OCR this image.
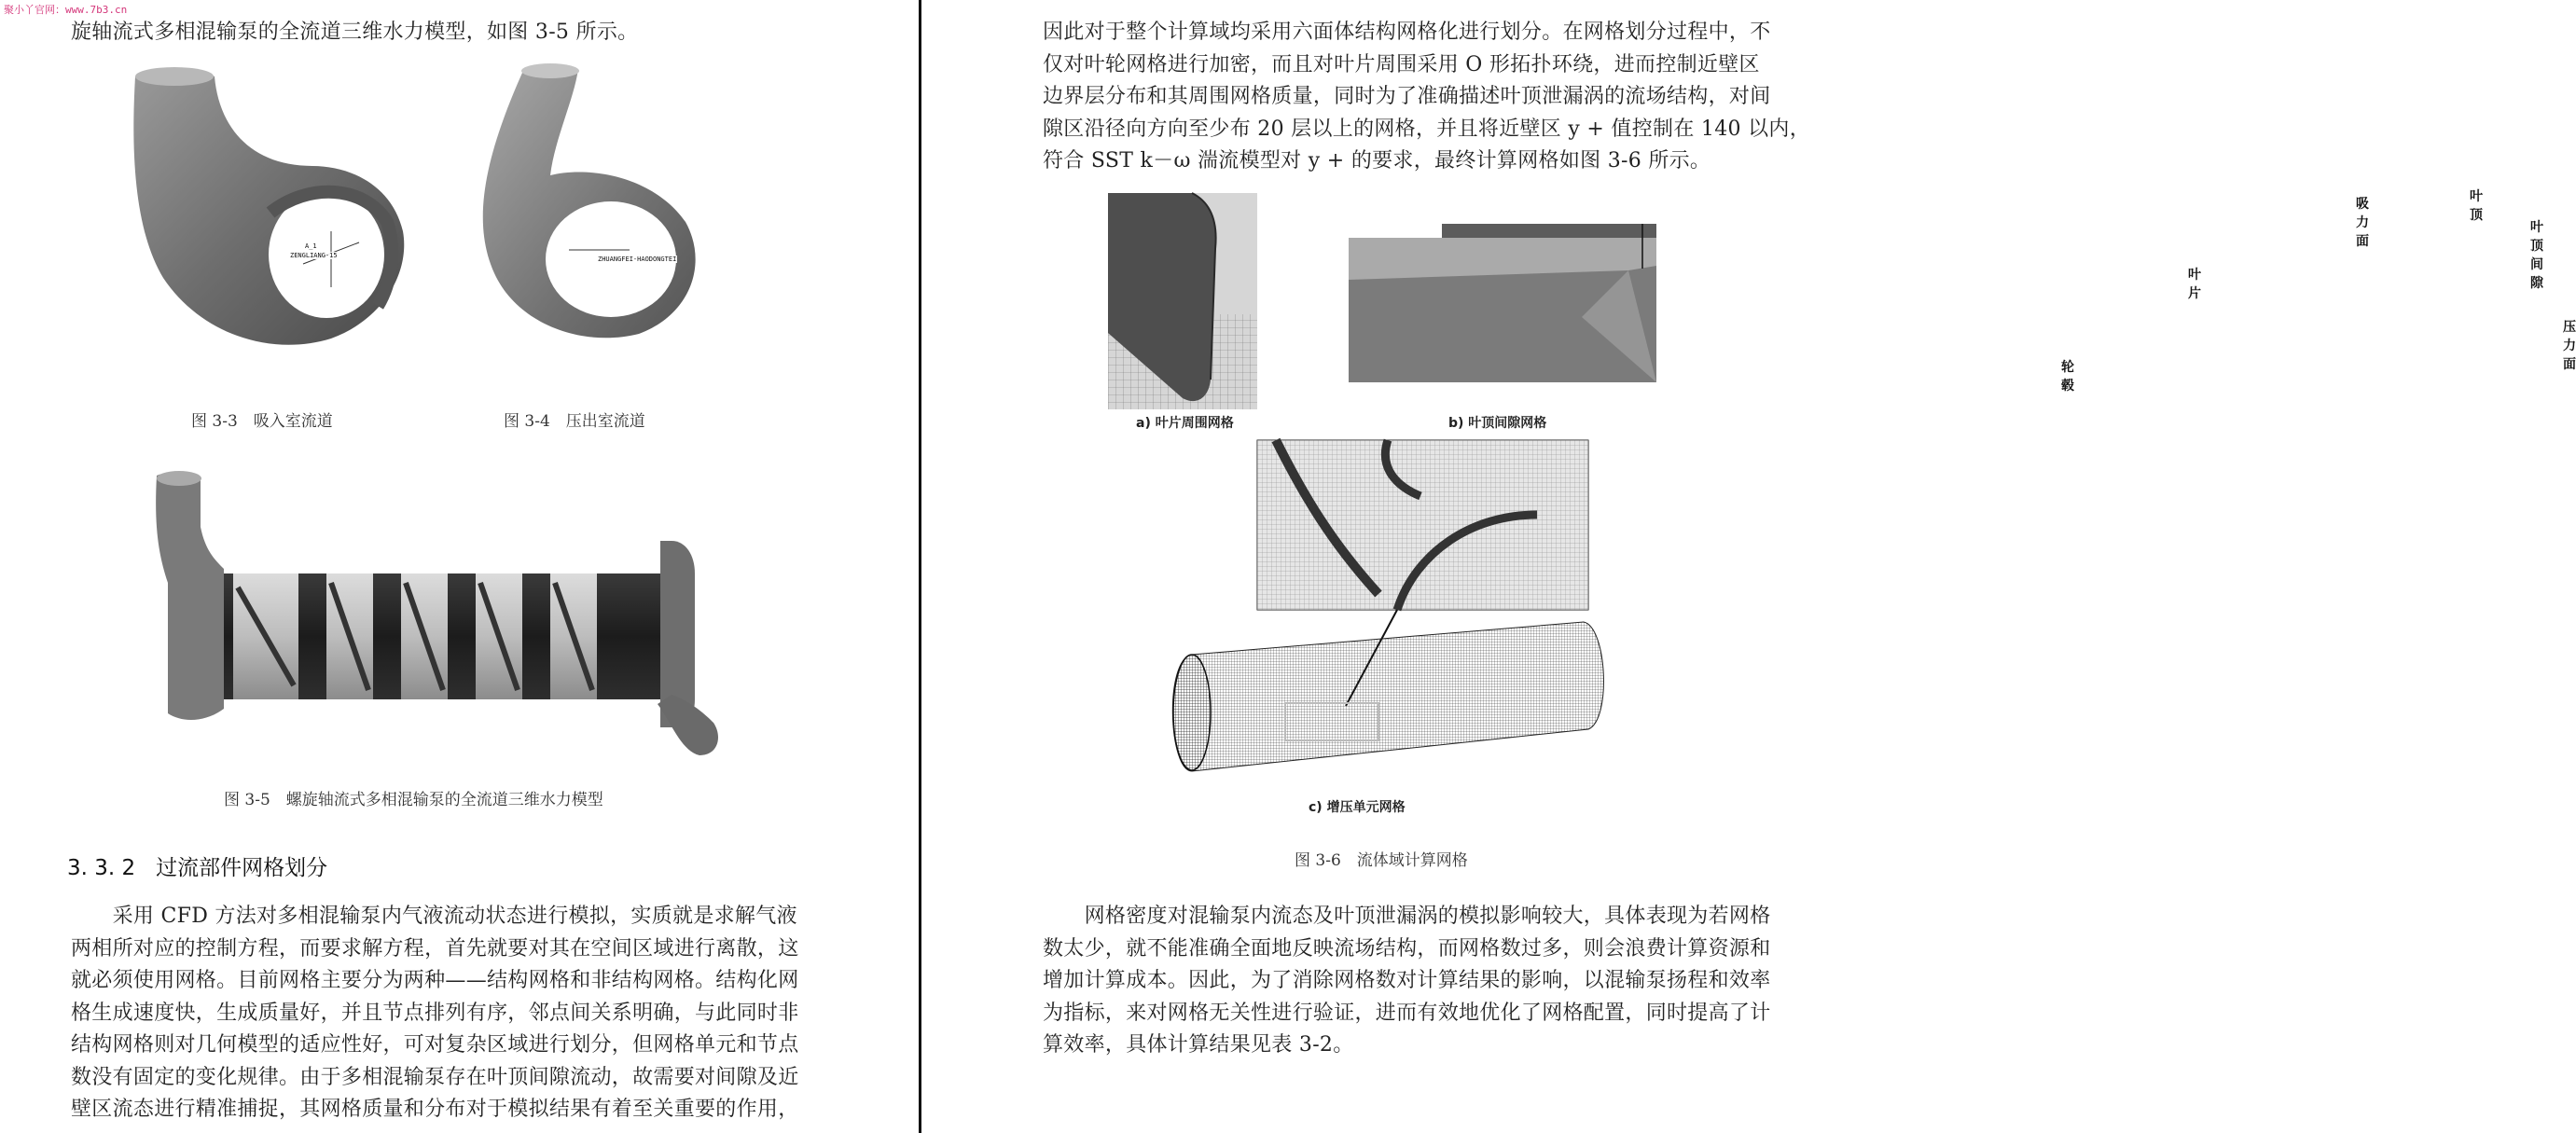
聚小丫官网：www.7b3.cn

旋轴流式多相混输泵的全流道三维水力模型，如图 3-5 所示。

A_1
ZENGLIANG-15
图 3-3　吸入室流道
ZHUANGFEI-HAODONGTEI
图 3-4　压出室流道
图 3-5　螺旋轴流式多相混输泵的全流道三维水力模型
3. 3. 2 过流部件网格划分
　　采用 CFD 方法对多相混输泵内气液流动状态进行模拟，实质就是求解气液
两相所对应的控制方程，而要求解方程，首先就要对其在空间区域进行离散，这
就必须使用网格。目前网格主要分为两种——结构网格和非结构网格。结构化网
格生成速度快，生成质量好，并且节点排列有序，邻点间关系明确，与此同时非
结构网格则对几何模型的适应性好，可对复杂区域进行划分，但网格单元和节点
数没有固定的变化规律。由于多相混输泵存在叶顶间隙流动，故需要对间隙及近
壁区流态进行精准捕捉，其网格质量和分布对于模拟结果有着至关重要的作用，
因此对于整个计算域均采用六面体结构网格化进行划分。在网格划分过程中，不
仅对叶轮网格进行加密，而且对叶片周围采用 O 形拓扑环绕，进而控制近壁区
边界层分布和其周围网格质量，同时为了准确描述叶顶泄漏涡的流场结构，对间
隙区沿径向方向至少布 20 层以上的网格，并且将近壁区 y + 值控制在 140 以内，
符合 SST k－ω 湍流模型对 y + 的要求，最终计算网格如图 3-6 所示。
叶片
轮毂
a) 叶片周围网格
吸力面
叶顶
叶顶间隙
压力面
b) 叶顶间隙网格
c) 增压单元网格
图 3-6　流体域计算网格
　　网格密度对混输泵内流态及叶顶泄漏涡的模拟影响较大，具体表现为若网格
数太少，就不能准确全面地反映流场结构，而网格数过多，则会浪费计算资源和
增加计算成本。因此，为了消除网格数对计算结果的影响，以混输泵扬程和效率
为指标，来对网格无关性进行验证，进而有效地优化了网格配置，同时提高了计
算效率，具体计算结果见表 3-2。
